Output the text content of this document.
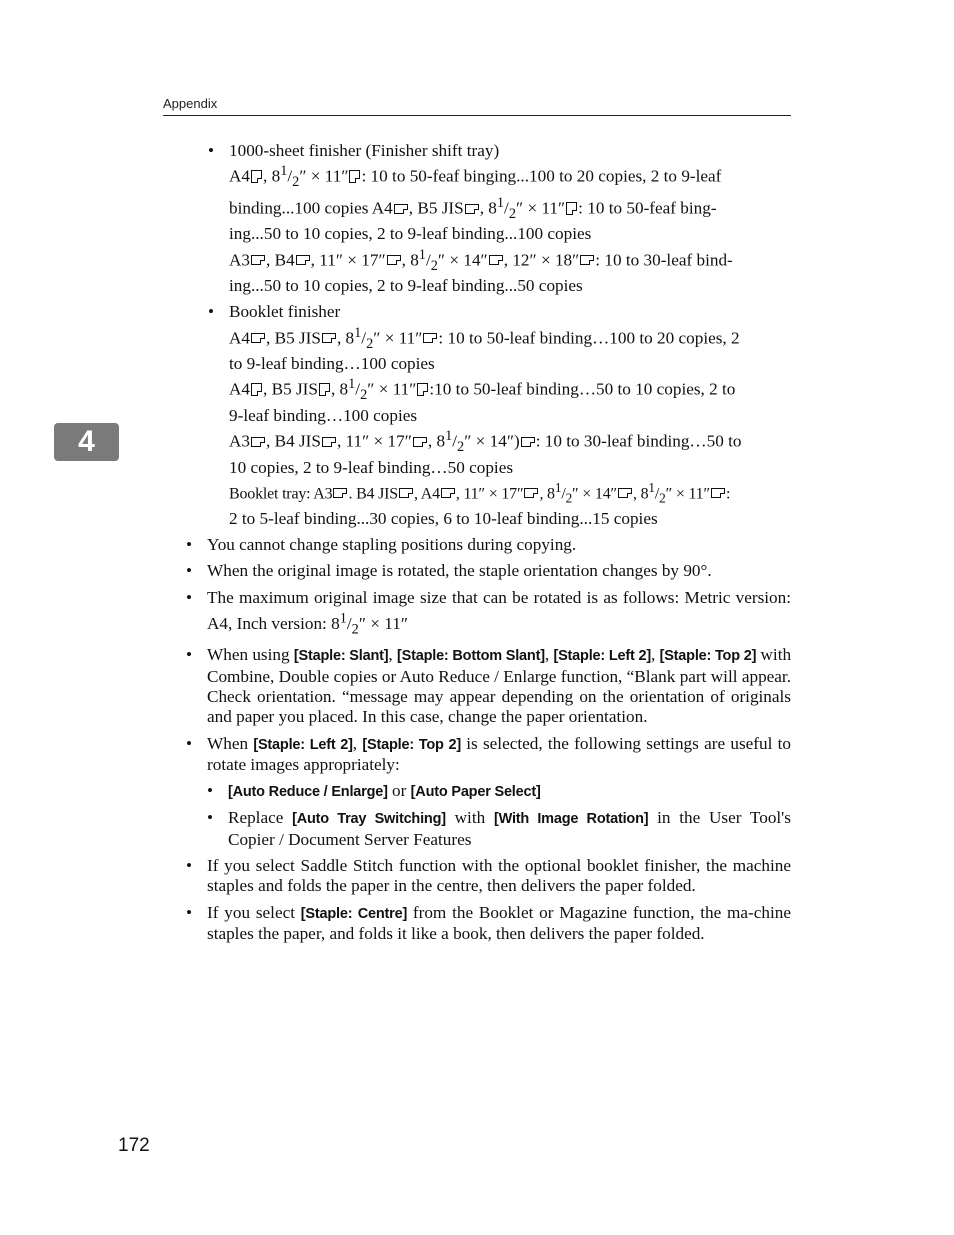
Appendix
4
• 1000-sheet finisher (Finisher shift tray)
A4 , $8^1/_2'' \times 11''$ : 10 to 50-feaf binging...100 to 20 copies, 2 to 9-leaf
binding...100 copies A4 , B5 JIS , $8^1/_2'' \times 11''$ : 10 to 50-feaf bing-
ing...50 to 10 copies, 2 to 9-leaf binding...100 copies
A3 , B4 , 11″ × 17″ , $8^1/_2'' \times 14''$ , 12″ × 18″ : 10 to 30-leaf bind-
ing...50 to 10 copies, 2 to 9-leaf binding...50 copies
• Booklet finisher
A4 , B5 JIS , $8^1/_2'' \times 11''$ : 10 to 50-leaf binding…100 to 20 copies, 2
to 9-leaf binding…100 copies
A4 , B5 JIS , $8^1/_2'' \times 11''$ :10 to 50-leaf binding…50 to 10 copies, 2 to
9-leaf binding…100 copies
A3 , B4 JIS , 11″ × 17″ , $8^1/_2'' \times 14''$) : 10 to 30-leaf binding…50 to
10 copies, 2 to 9-leaf binding…50 copies
Booklet tray: A3 . B4 JIS , A4 , 11″ × 17″ , $8^1/_2'' \times 14''$ , $8^1/_2'' \times 11''$ :
2 to 5-leaf binding...30 copies, 6 to 10-leaf binding...15 copies
• You cannot change stapling positions during copying.
• When the original image is rotated, the staple orientation changes by 90°.
• The maximum original image size that can be rotated is as follows: Metric version: A4, Inch version: $8^1/_2'' \times 11''$
• When using [Staple: Slant], [Staple: Bottom Slant], [Staple: Left 2], [Staple: Top 2] with Combine, Double copies or Auto Reduce / Enlarge function, “Blank part will appear. Check orientation. “message may appear depending on the orientation of originals and paper you placed. In this case, change the paper orientation.
• When [Staple: Left 2], [Staple: Top 2] is selected, the following settings are useful to rotate images appropriately:
• [Auto Reduce / Enlarge] or [Auto Paper Select]
• Replace [Auto Tray Switching] with [With Image Rotation] in the User Tool's Copier / Document Server Features
• If you select Saddle Stitch function with the optional booklet finisher, the machine staples and folds the paper in the centre, then delivers the paper folded.
• If you select [Staple: Centre] from the Booklet or Magazine function, the ma-chine staples the paper, and folds it like a book, then delivers the paper folded.
172
